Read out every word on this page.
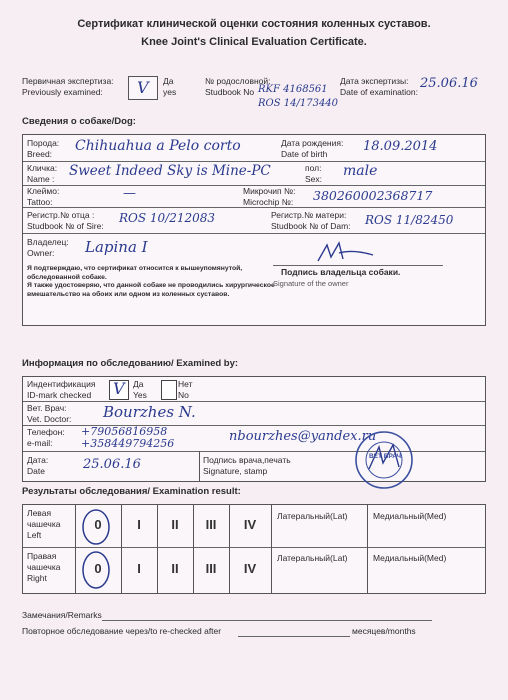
Сертификат клинической оценки состояния коленных суставов.
Knee Joint's Clinical Evaluation Certificate.
Первичная экспертиза:
Previously examined:	V Да
yes
№ родословной:
Studbook No RKF 4168561
ROS 14/173440
Дата экспертизы:
Date of examination:
25.06.16
Сведения о собаке/Dog:
Порода:
Breed:	Chihuahua a Pelo corto	Дата рождения:
Date of birth	18.09.2014
Кличка:
Name : Sweet Indeed Sky is Mine-PC	пол:
Sex: male
Клеймо:
Tattoo:
—	Микрочип №:
Microchip №: 380260002368717
Регистр.№ отца :
Studbook № of Sire:
ROS 10/212083	Регистр.№ матери:
Studbook № of Dam: ROS 11/82450
Владелец:
Owner:	Lapina I
Я подтверждаю, что сертификат относится к вышеупомянутой, обследованной собаке.
Я также удостоверяю, что данной собаке не проводились хирургическое вмешательство на обоих или одном из коленных суставов.
Подпись владельца собаки.
Signature of the owner
Информация по обследованию/ Examined by:
Индентификация
ID-mark checked V Да
Yes
Нет
No
Вет. Врач:
Vet. Doctor: Bourzhes N.
Телефон:
e-mail:
+79056816958
+358449794256	nbourzhes@yandex.ru
Дата:
Date	25.06.16	Подпись врача,печать
Signature, stamp
ВЕТ ВРАЧ
Результаты обследования/ Examination result:
Левая
чашечка
Left
0	I	II	III	IV
Латеральный(Lat)	Медиальный(Med)
Правая
чашечка
Right
0	I	II	III	IV
Латеральный(Lat)	Медиальный(Med)
Замечания/Remarks
Повторное обследование через/to re-checked after	месяцев/months
